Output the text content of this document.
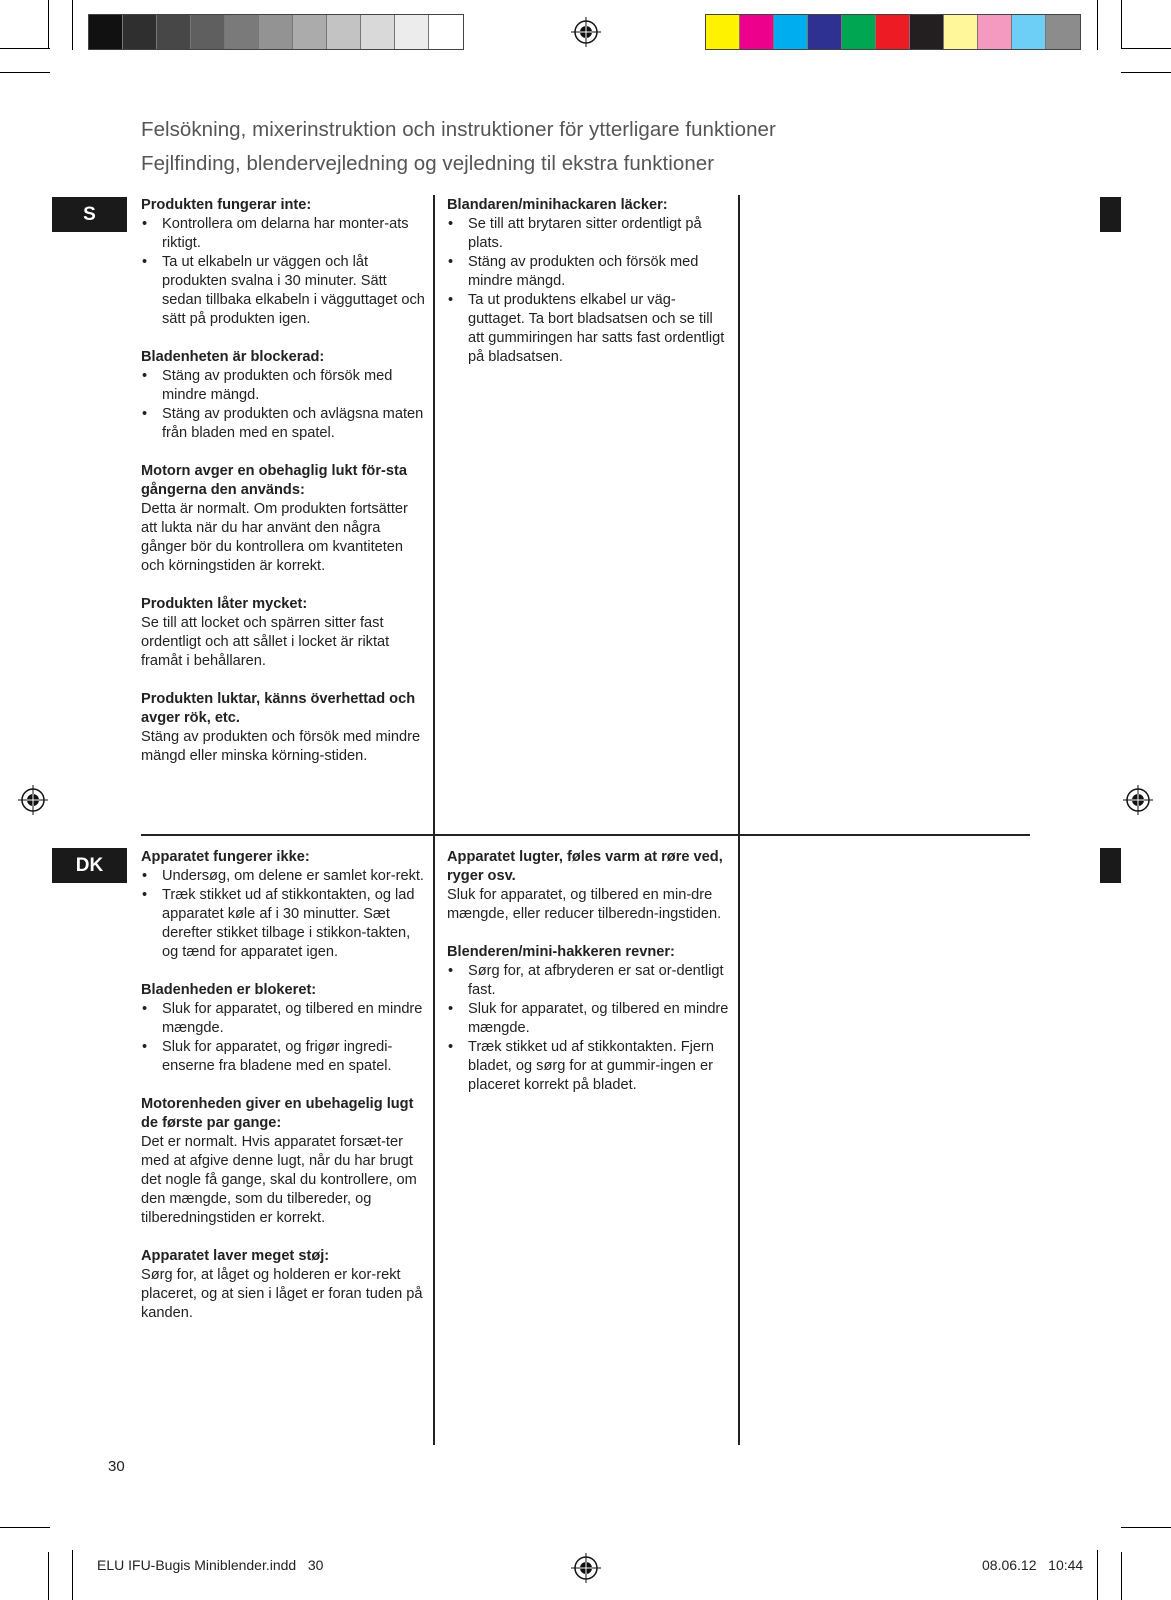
Felsökning, mixerinstruktion och instruktioner för ytterligare funktioner
Fejlfinding, blendervejledning og vejledning til ekstra funktioner
S
DK
Produkten fungerar inte:
• Kontrollera om delarna har monter-ats riktigt.
• Ta ut elkabeln ur väggen och låt produkten svalna i 30 minuter. Sätt sedan tillbaka elkabeln i vägguttaget och sätt på produkten igen.
Bladenheten är blockerad:
• Stäng av produkten och försök med mindre mängd.
• Stäng av produkten och avlägsna maten från bladen med en spatel.
Motorn avger en obehaglig lukt för-sta gångerna den används:

Detta är normalt. Om produkten fortsätter att lukta när du har använt den några gånger bör du kontrollera om kvantiteten och körningstiden är korrekt.

Produkten låter mycket:

Se till att locket och spärren sitter fast ordentligt och att sållet i locket är riktat framåt i behållaren.

Produkten luktar, känns överhettad och avger rök, etc.

Stäng av produkten och försök med mindre mängd eller minska körning-stiden.

Blandaren/minihackaren läcker:
• Se till att brytaren sitter ordentligt på plats.
• Stäng av produkten och försök med mindre mängd.
• Ta ut produktens elkabel ur väg-guttaget. Ta bort bladsatsen och se till att gummiringen har satts fast ordentligt på bladsatsen.
Apparatet fungerer ikke:
• Undersøg, om delene er samlet kor-rekt.
• Træk stikket ud af stikkontakten, og lad apparatet køle af i 30 minutter. Sæt derefter stikket tilbage i stikkon-takten, og tænd for apparatet igen.
Bladenheden er blokeret:
• Sluk for apparatet, og tilbered en mindre mængde.
• Sluk for apparatet, og frigør ingredi-enserne fra bladene med en spatel.
Motorenheden giver en ubehagelig lugt de første par gange:

Det er normalt. Hvis apparatet forsæt-ter med at afgive denne lugt, når du har brugt det nogle få gange, skal du kontrollere, om den mængde, som du tilbereder, og tilberedningstiden er korrekt.

Apparatet laver meget støj:

Sørg for, at låget og holderen er kor-rekt placeret, og at sien i låget er foran tuden på kanden.

Apparatet lugter, føles varm at røre ved, ryger osv.

Sluk for apparatet, og tilbered en min-dre mængde, eller reducer tilberedn-ingstiden.

Blenderen/mini-hakkeren revner:
• Sørg for, at afbryderen er sat or-dentligt fast.
• Sluk for apparatet, og tilbered en mindre mængde.
• Træk stikket ud af stikkontakten. Fjern bladet, og sørg for at gummir-ingen er placeret korrekt på bladet.
30
ELU IFU-Bugis Miniblender.indd   30	08.06.12   10:44
